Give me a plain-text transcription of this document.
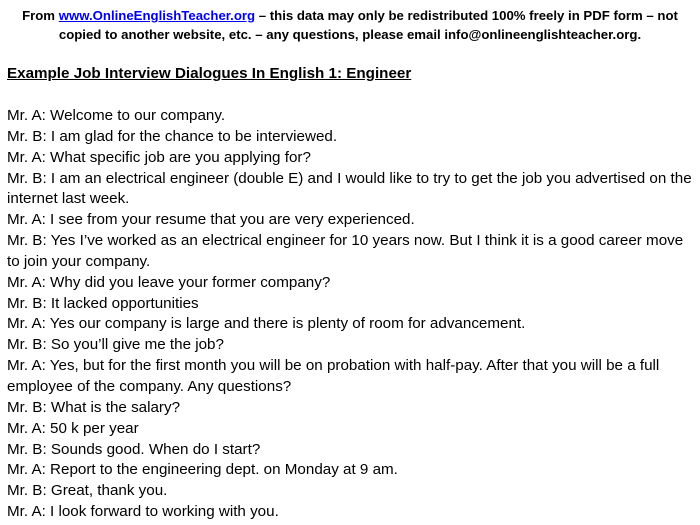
From www.OnlineEnglishTeacher.org – this data may only be redistributed 100% freely in PDF form – not copied to another website, etc. – any questions, please email info@onlineenglishteacher.org.
Example Job Interview Dialogues In English 1: Engineer
Mr. A: Welcome to our company.
Mr. B: I am glad for the chance to be interviewed.
Mr. A: What specific job are you applying for?
Mr. B: I am an electrical engineer (double E) and I would like to try to get the job you advertised on the internet last week.
Mr. A: I see from your resume that you are very experienced.
Mr. B: Yes I’ve worked as an electrical engineer for 10 years now. But I think it is a good career move to join your company.
Mr. A: Why did you leave your former company?
Mr. B: It lacked opportunities
Mr. A: Yes our company is large and there is plenty of room for advancement.
Mr. B: So you’ll give me the job?
Mr. A: Yes, but for the first month you will be on probation with half-pay. After that you will be a full employee of the company. Any questions?
Mr. B: What is the salary?
Mr. A: 50 k per year
Mr. B: Sounds good. When do I start?
Mr. A: Report to the engineering dept. on Monday at 9 am.
Mr. B: Great, thank you.
Mr. A: I look forward to working with you.
